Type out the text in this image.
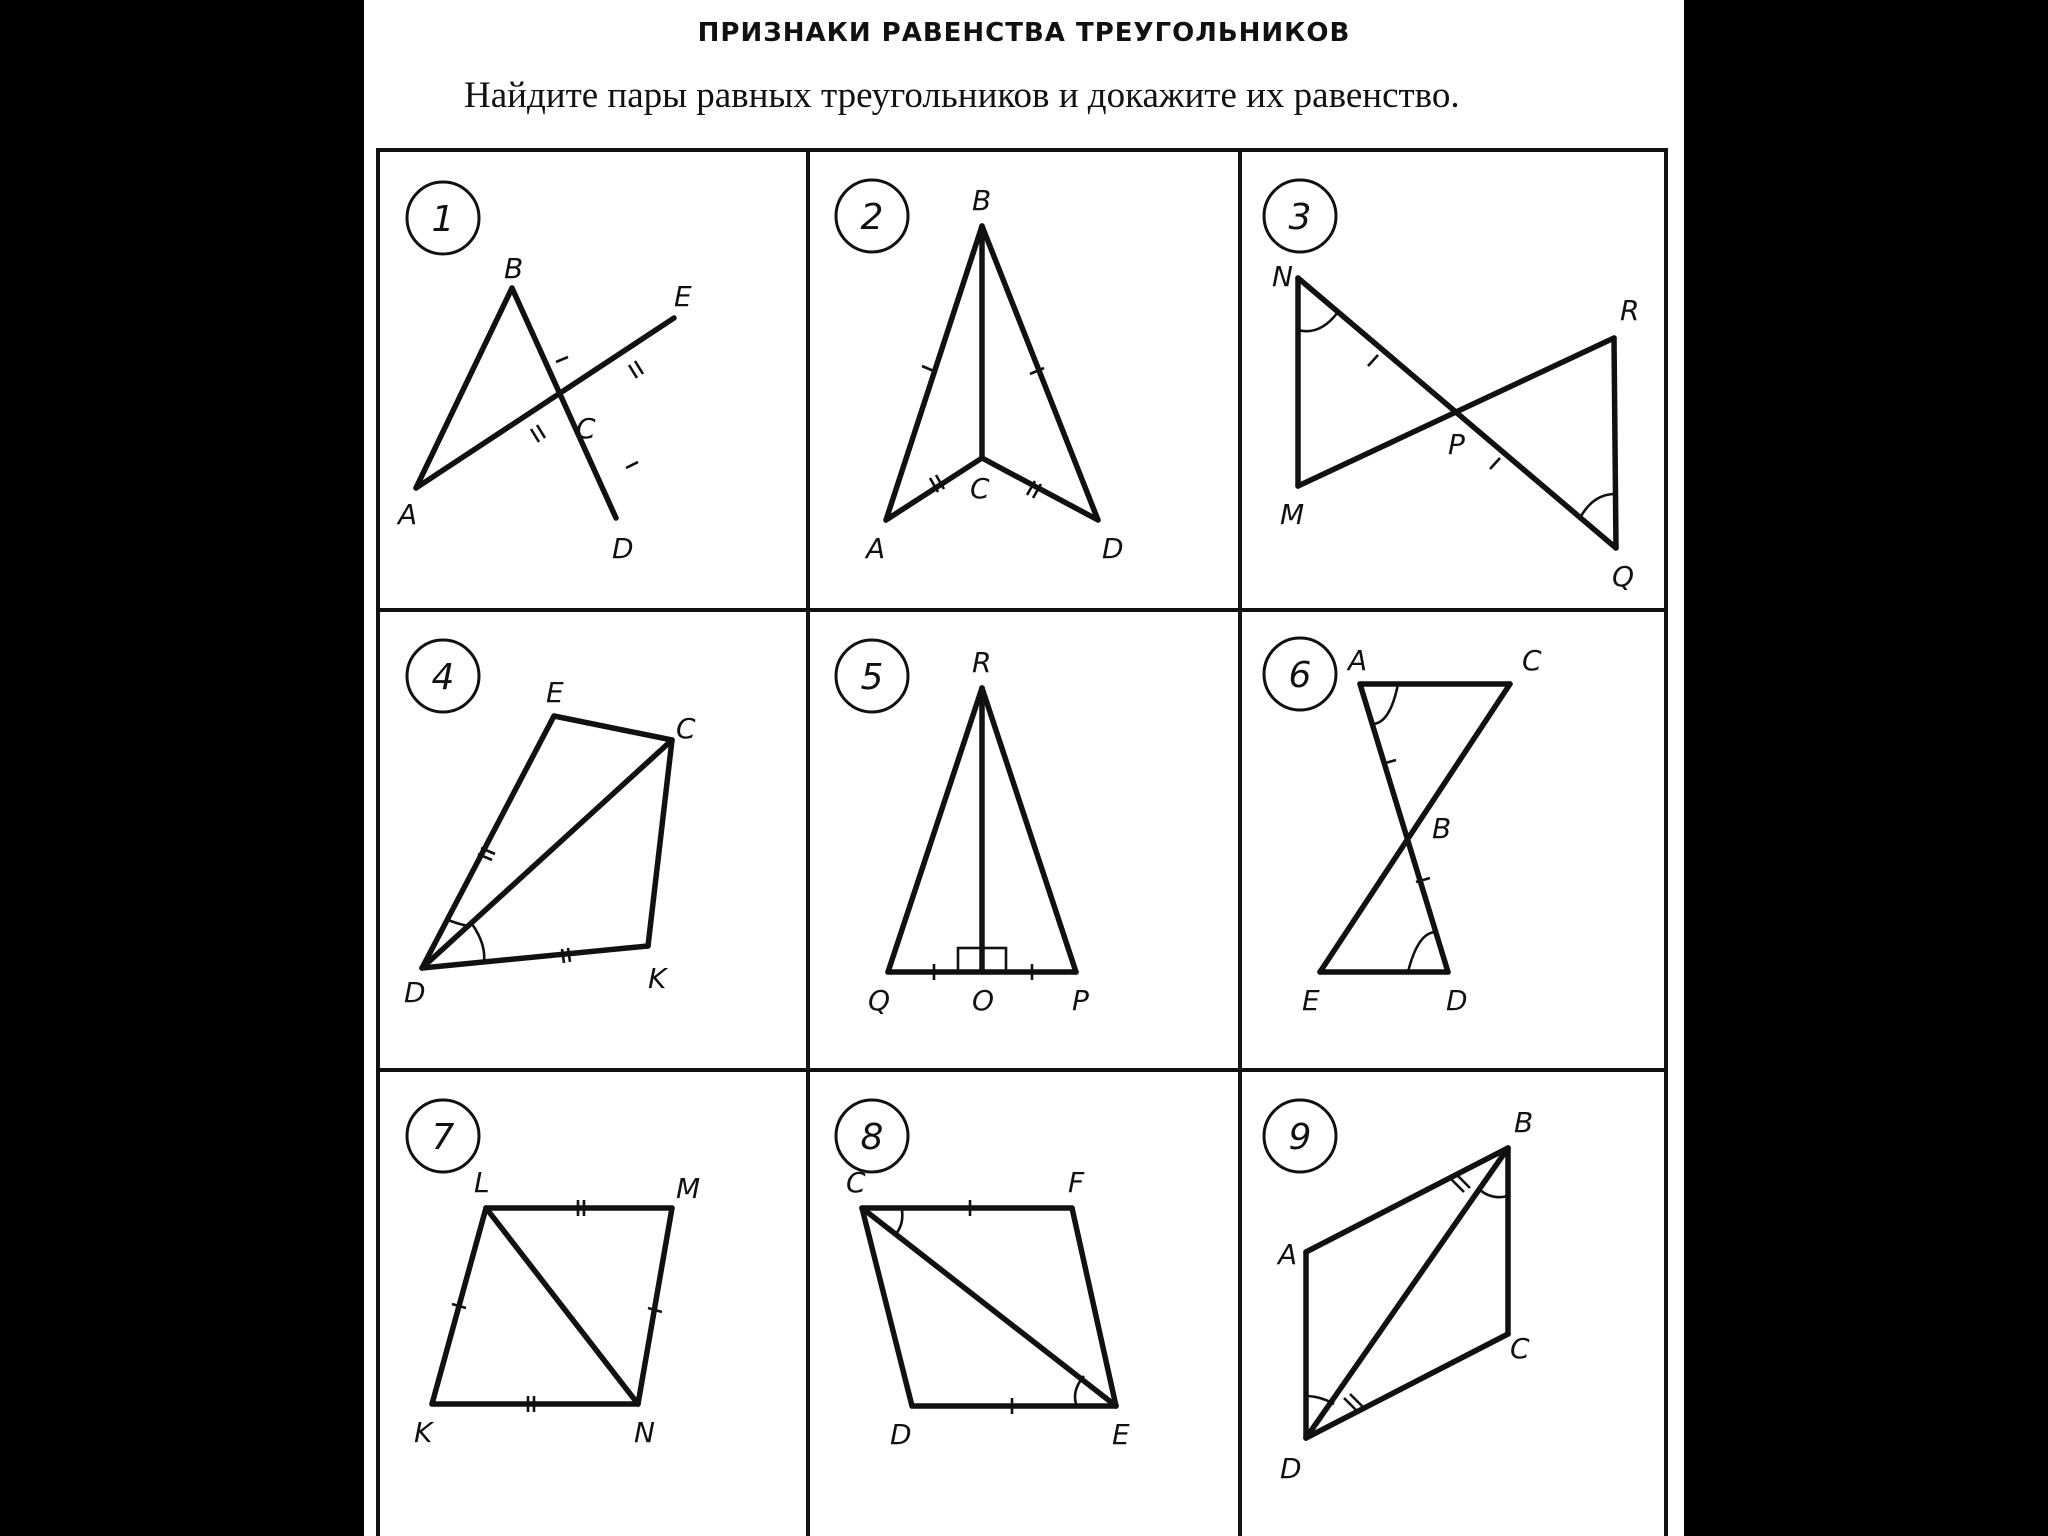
ПРИЗНАКИ РАВЕНСТВА ТРЕУГОЛЬНИКОВ
Найдите пары равных треугольников и докажите их равенство.
1
A
B
C
D
E
2	B
C
A	D
3
N
R
P
M
Q
4	E
C
D	K
5	R
Q	O	P
6 A	C
B
E	D
7
L	M
K	N
8
C	F
D	E
9	B
A
C
D
